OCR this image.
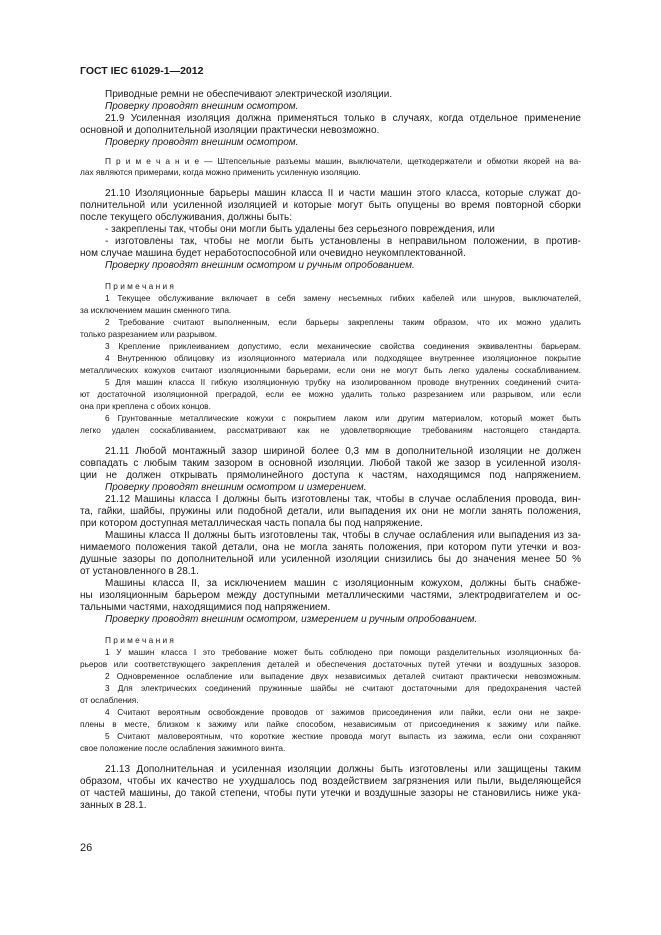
ГОСТ IEC 61029-1—2012
Приводные ремни не обеспечивают электрической изоляции.
Проверку проводят внешним осмотром.
21.9 Усиленная изоляция должна применяться только в случаях, когда отдельное применение
основной и дополнительной изоляции практически невозможно.
Проверку проводят внешним осмотром.
П р и м е ч а н и е — Штепсельные разъемы машин, выключатели, щеткодержатели и обмотки якорей на ва-
лах являются примерами, когда можно применить усиленную изоляцию.
21.10 Изоляционные барьеры машин класса II и части машин этого класса, которые служат до-
полнительной или усиленной изоляцией и которые могут быть опущены во время повторной сборки
после текущего обслуживания, должны быть:
- закреплены так, чтобы они могли быть удалены без серьезного повреждения, или
- изготовлены так, чтобы не могли быть установлены в неправильном положении, в против-
ном случае машина будет неработоспособной или очевидно неукомплектованной.
Проверку проводят внешним осмотром и ручным опробованием.
П р и м е ч а н и я
1 Текущее обслуживание включает в себя замену несъемных гибких кабелей или шнуров, выключателей,
за исключением машин сменного типа.
2 Требование считают выполненным, если барьеры закреплены таким образом, что их можно удалить
только разрезанием или разрывом.
3 Крепление приклеиванием допустимо, если механические свойства соединения эквивалентны барьерам.
4 Внутреннюю облицовку из изоляционного материала или подходящее внутреннее изоляционное покрытие
металлических кожухов считают изоляционными барьерами, если они не могут быть легко удалены соскабливанием.
5 Для машин класса II гибкую изоляционную трубку на изолированном проводе внутренних соединений счита-
ют достаточной изоляционной преградой, если ее можно удалить только разрезанием или разрывом, или если
она при креплена с обоих концов.
6 Грунтованные металлические кожухи с покрытием лаком или другим материалом, который может быть
легко удален соскабливанием, рассматривают как не удовлетворяющие требованиям настоящего стандарта.
21.11 Любой монтажный зазор шириной более 0,3 мм в дополнительной изоляции не должен
совпадать с любым таким зазором в основной изоляции. Любой такой же зазор в усиленной изоля-
ции не должен открывать прямолинейного доступа к частям, находящимся под напряжением.
Проверку проводят внешним осмотром и измерением.
21.12 Машины класса I должны быть изготовлены так, чтобы в случае ослабления провода, вин-
та, гайки, шайбы, пружины или подобной детали, или выпадения их они не могли занять положения,
при котором доступная металлическая часть попала бы под напряжение.
Машины класса II должны быть изготовлены так, чтобы в случае ослабления или выпадения из за-
нимаемого положения такой детали, она не могла занять положения, при котором пути утечки и воз-
душные зазоры по дополнительной или усиленной изоляции снизились бы до значения менее 50 %
от установленного в 28.1.
Машины класса II, за исключением машин с изоляционным кожухом, должны быть снабже-
ны изоляционным барьером между доступными металлическими частями, электродвигателем и ос-
тальными частями, находящимися под напряжением.
Проверку проводят внешним осмотром, измерением и ручным опробованием.
П р и м е ч а н и я
1 У машин класса I это требование может быть соблюдено при помощи разделительных изоляционных ба-
рьеров или соответствующего закрепления деталей и обеспечения достаточных путей утечки и воздушных зазоров.
2 Одновременное ослабление или выпадение двух независимых деталей считают практически невозможным.
3 Для электрических соединений пружинные шайбы не считают достаточными для предохранения частей
от ослабления.
4 Считают вероятным освобождение проводов от зажимов присоединения или пайки, если они не закре-
плены в месте, близком к зажиму или пайке способом, независимым от присоединения к зажиму или пайке.
5 Считают маловероятным, что короткие жесткие провода могут выпасть из зажима, если они сохраняют
свое положение после ослабления зажимного винта.
21.13 Дополнительная и усиленная изоляции должны быть изготовлены или защищены таким
образом, чтобы их качество не ухудшалось под воздействием загрязнения или пыли, выделяющейся
от частей машины, до такой степени, чтобы пути утечки и воздушные зазоры не становились ниже ука-
занных в 28.1.
26
